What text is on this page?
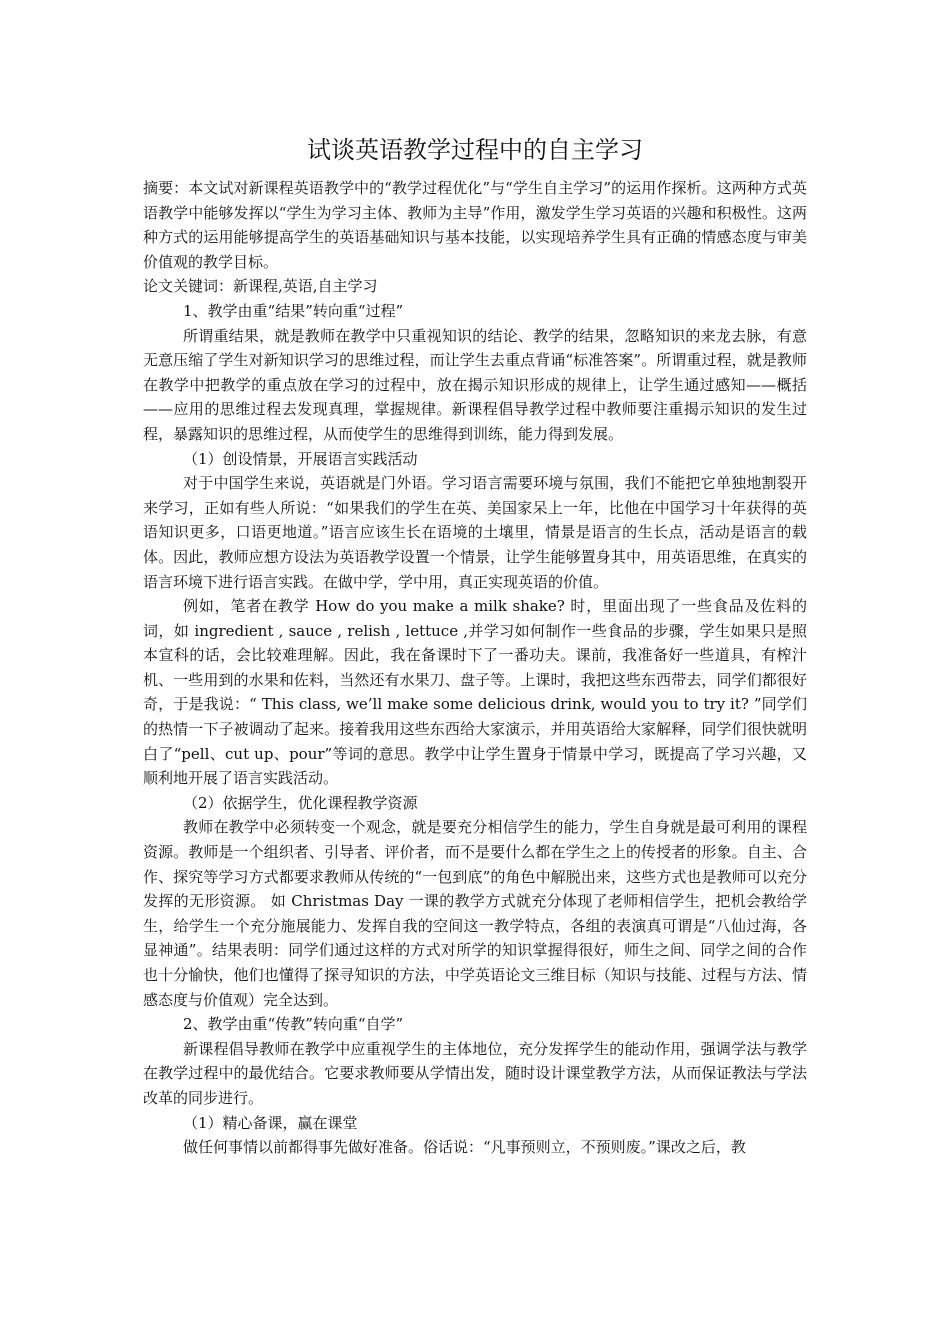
试谈英语教学过程中的自主学习

摘要：本文试对新课程英语教学中的“教学过程优化”与“学生自主学习”的运用作探析。这两种方式英语教学中能够发挥以“学生为学习主体、教师为主导”作用，激发学生学习英语的兴趣和积极性。这两种方式的运用能够提高学生的英语基础知识与基本技能，以实现培养学生具有正确的情感态度与审美价值观的教学目标。

论文关键词：新课程,英语,自主学习

1、教学由重“结果”转向重“过程”

所谓重结果，就是教师在教学中只重视知识的结论、教学的结果，忽略知识的来龙去脉，有意无意压缩了学生对新知识学习的思维过程，而让学生去重点背诵“标准答案”。所谓重过程，就是教师在教学中把教学的重点放在学习的过程中，放在揭示知识形成的规律上，让学生通过感知——概括——应用的思维过程去发现真理，掌握规律。新课程倡导教学过程中教师要注重揭示知识的发生过程，暴露知识的思维过程，从而使学生的思维得到训练，能力得到发展。

（1）创设情景，开展语言实践活动

对于中国学生来说，英语就是门外语。学习语言需要环境与氛围，我们不能把它单独地割裂开来学习，正如有些人所说：“如果我们的学生在英、美国家呆上一年，比他在中国学习十年获得的英语知识更多，口语更地道。”语言应该生长在语境的土壤里，情景是语言的生长点，活动是语言的载体。因此，教师应想方设法为英语教学设置一个情景，让学生能够置身其中，用英语思维，在真实的语言环境下进行语言实践。在做中学，学中用，真正实现英语的价值。

例如，笔者在教学 How do you make a milk shake? 时，里面出现了一些食品及佐料的词，如 ingredient , sauce , relish , lettuce ,并学习如何制作一些食品的步骤，学生如果只是照本宣科的话，会比较难理解。因此，我在备课时下了一番功夫。课前，我准备好一些道具，有榨汁机、一些用到的水果和佐料，当然还有水果刀、盘子等。上课时，我把这些东西带去，同学们都很好奇，于是我说：“ This class, we’ll make some delicious drink, would you to try it? ”同学们的热情一下子被调动了起来。接着我用这些东西给大家演示，并用英语给大家解释，同学们很快就明白了“pell、cut up、pour”等词的意思。教学中让学生置身于情景中学习，既提高了学习兴趣，又顺利地开展了语言实践活动。

（2）依据学生，优化课程教学资源

教师在教学中必须转变一个观念，就是要充分相信学生的能力，学生自身就是最可利用的课程资源。教师是一个组织者、引导者、评价者，而不是要什么都在学生之上的传授者的形象。自主、合作、探究等学习方式都要求教师从传统的“一包到底”的角色中解脱出来，这些方式也是教师可以充分发挥的无形资源。 如 Christmas Day 一课的教学方式就充分体现了老师相信学生，把机会教给学生，给学生一个充分施展能力、发挥自我的空间这一教学特点，各组的表演真可谓是“八仙过海，各显神通”。结果表明：同学们通过这样的方式对所学的知识掌握得很好，师生之间、同学之间的合作也十分愉快，他们也懂得了探寻知识的方法，中学英语论文三维目标（知识与技能、过程与方法、情感态度与价值观）完全达到。

2、教学由重“传教”转向重“自学”

新课程倡导教师在教学中应重视学生的主体地位，充分发挥学生的能动作用，强调学法与教学在教学过程中的最优结合。它要求教师要从学情出发，随时设计课堂教学方法，从而保证教法与学法改革的同步进行。

（1）精心备课，赢在课堂

做任何事情以前都得事先做好准备。俗话说：“凡事预则立，不预则废。”课改之后，教
